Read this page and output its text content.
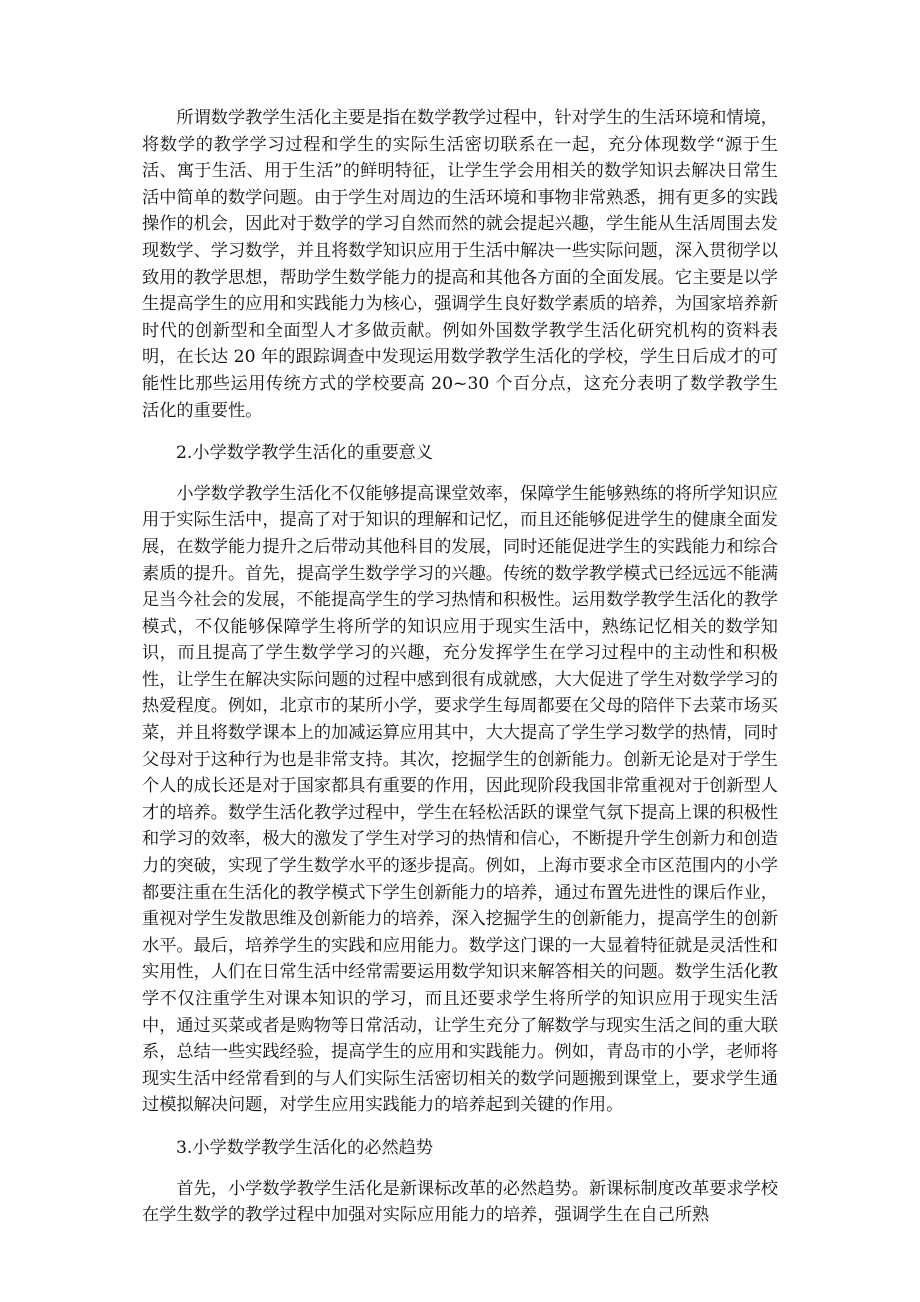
所谓数学教学生活化主要是指在数学教学过程中，针对学生的生活环境和情境，将数学的教学学习过程和学生的实际生活密切联系在一起，充分体现数学“源于生活、寓于生活、用于生活”的鲜明特征，让学生学会用相关的数学知识去解决日常生活中简单的数学问题。由于学生对周边的生活环境和事物非常熟悉，拥有更多的实践操作的机会，因此对于数学的学习自然而然的就会提起兴趣，学生能从生活周围去发现数学、学习数学，并且将数学知识应用于生活中解决一些实际问题，深入贯彻学以致用的教学思想，帮助学生数学能力的提高和其他各方面的全面发展。它主要是以学生提高学生的应用和实践能力为核心，强调学生良好数学素质的培养，为国家培养新时代的创新型和全面型人才多做贡献。例如外国数学教学生活化研究机构的资料表明，在长达 20 年的跟踪调查中发现运用数学教学生活化的学校，学生日后成才的可能性比那些运用传统方式的学校要高 20~30 个百分点，这充分表明了数学教学生活化的重要性。

2.小学数学教学生活化的重要意义

小学数学教学生活化不仅能够提高课堂效率，保障学生能够熟练的将所学知识应用于实际生活中，提高了对于知识的理解和记忆，而且还能够促进学生的健康全面发展，在数学能力提升之后带动其他科目的发展，同时还能促进学生的实践能力和综合素质的提升。首先，提高学生数学学习的兴趣。传统的数学教学模式已经远远不能满足当今社会的发展，不能提高学生的学习热情和积极性。运用数学教学生活化的教学模式，不仅能够保障学生将所学的知识应用于现实生活中，熟练记忆相关的数学知识，而且提高了学生数学学习的兴趣，充分发挥学生在学习过程中的主动性和积极性，让学生在解决实际问题的过程中感到很有成就感，大大促进了学生对数学学习的热爱程度。例如，北京市的某所小学，要求学生每周都要在父母的陪伴下去菜市场买菜，并且将数学课本上的加减运算应用其中，大大提高了学生学习数学的热情，同时父母对于这种行为也是非常支持。其次，挖掘学生的创新能力。创新无论是对于学生个人的成长还是对于国家都具有重要的作用，因此现阶段我国非常重视对于创新型人才的培养。数学生活化教学过程中，学生在轻松活跃的课堂气氛下提高上课的积极性和学习的效率，极大的激发了学生对学习的热情和信心，不断提升学生创新力和创造力的突破，实现了学生数学水平的逐步提高。例如，上海市要求全市区范围内的小学都要注重在生活化的教学模式下学生创新能力的培养，通过布置先进性的课后作业，重视对学生发散思维及创新能力的培养，深入挖掘学生的创新能力，提高学生的创新水平。最后，培养学生的实践和应用能力。数学这门课的一大显着特征就是灵活性和实用性，人们在日常生活中经常需要运用数学知识来解答相关的问题。数学生活化教学不仅注重学生对课本知识的学习，而且还要求学生将所学的知识应用于现实生活中，通过买菜或者是购物等日常活动，让学生充分了解数学与现实生活之间的重大联系，总结一些实践经验，提高学生的应用和实践能力。例如，青岛市的小学，老师将现实生活中经常看到的与人们实际生活密切相关的数学问题搬到课堂上，要求学生通过模拟解决问题，对学生应用实践能力的培养起到关键的作用。

3.小学数学教学生活化的必然趋势

首先，小学数学教学生活化是新课标改革的必然趋势。新课标制度改革要求学校在学生数学的教学过程中加强对实际应用能力的培养，强调学生在自己所熟
